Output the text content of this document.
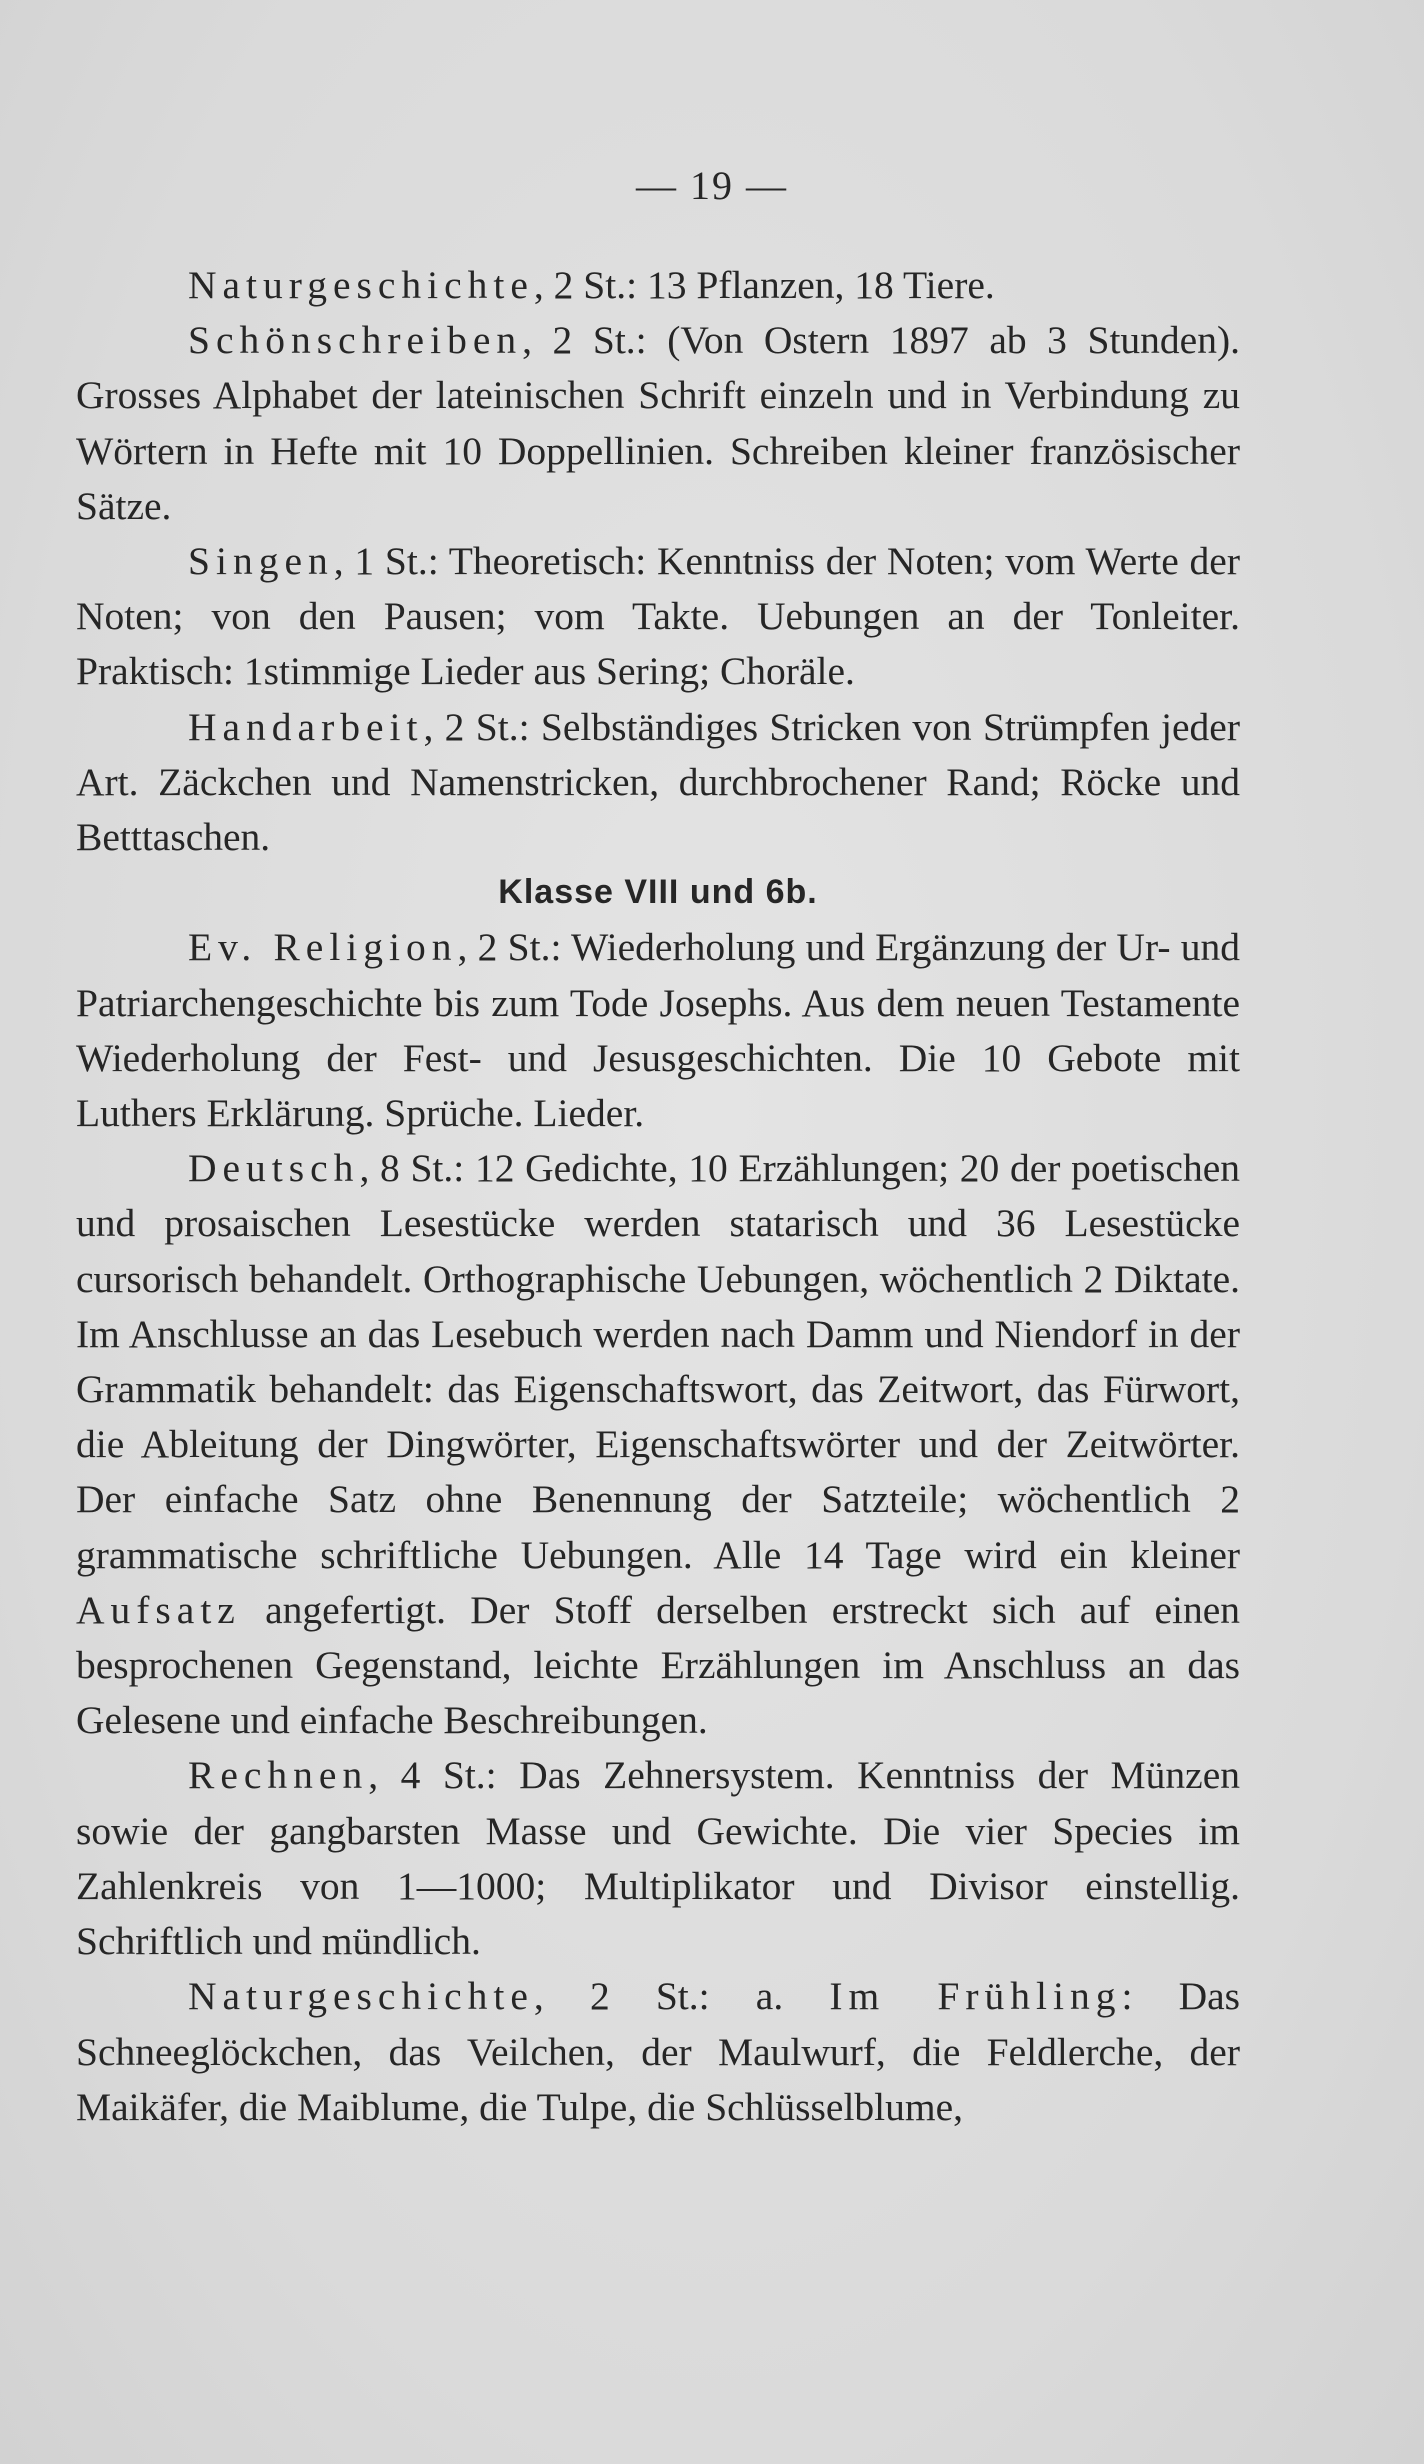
— 19 —

Naturgeschichte, 2 St.: 13 Pflanzen, 18 Tiere.

Schönschreiben, 2 St.: (Von Ostern 1897 ab 3 Stunden). Grosses Alphabet der lateinischen Schrift einzeln und in Verbindung zu Wörtern in Hefte mit 10 Doppellinien. Schreiben kleiner französischer Sätze.

Singen, 1 St.: Theoretisch: Kenntniss der Noten; vom Werte der Noten; von den Pausen; vom Takte. Uebungen an der Tonleiter. Praktisch: 1stimmige Lieder aus Sering; Choräle.

Handarbeit, 2 St.: Selbständiges Stricken von Strümpfen jeder Art. Zäckchen und Namenstricken, durchbrochener Rand; Röcke und Betttaschen.

Klasse VIII und 6b.

Ev. Religion, 2 St.: Wiederholung und Ergänzung der Ur- und Patriarchengeschichte bis zum Tode Josephs. Aus dem neuen Testamente Wiederholung der Fest- und Jesusgeschichten. Die 10 Gebote mit Luthers Erklärung. Sprüche. Lieder.

Deutsch, 8 St.: 12 Gedichte, 10 Erzählungen; 20 der poetischen und prosaischen Lesestücke werden statarisch und 36 Lesestücke cursorisch behandelt. Orthographische Uebungen, wöchentlich 2 Diktate. Im Anschlusse an das Lesebuch werden nach Damm und Niendorf in der Grammatik behandelt: das Eigenschaftswort, das Zeitwort, das Fürwort, die Ableitung der Dingwörter, Eigenschaftswörter und der Zeitwörter. Der einfache Satz ohne Benennung der Satzteile; wöchentlich 2 grammatische schriftliche Uebungen. Alle 14 Tage wird ein kleiner Aufsatz angefertigt. Der Stoff derselben erstreckt sich auf einen besprochenen Gegenstand, leichte Erzählungen im Anschluss an das Gelesene und einfache Beschreibungen.

Rechnen, 4 St.: Das Zehnersystem. Kenntniss der Münzen sowie der gangbarsten Masse und Gewichte. Die vier Species im Zahlenkreis von 1—1000; Multiplikator und Divisor einstellig. Schriftlich und mündlich.

Naturgeschichte, 2 St.: a. Im Frühling: Das Schneeglöckchen, das Veilchen, der Maulwurf, die Feldlerche, der Maikäfer, die Maiblume, die Tulpe, die Schlüsselblume,
